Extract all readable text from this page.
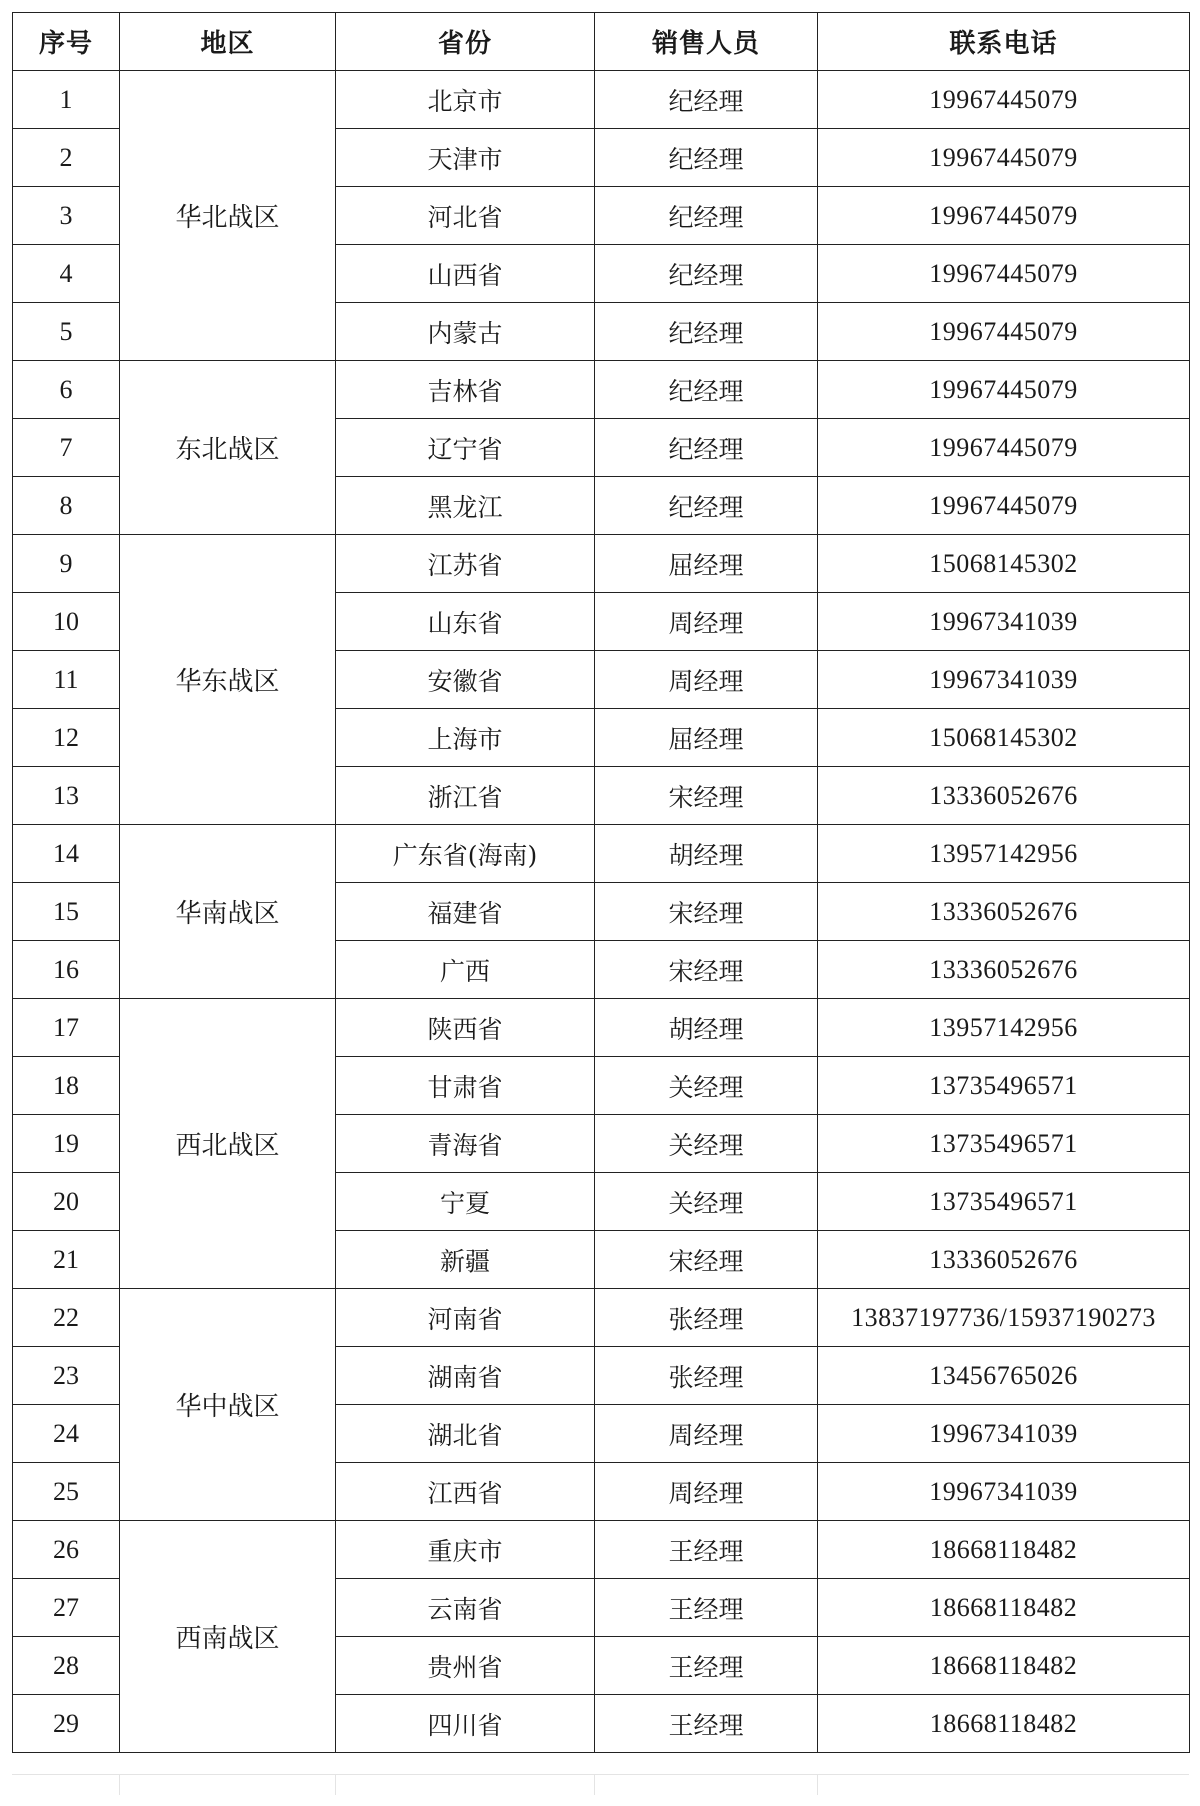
序号	地区	省份	销售人员	联系电话
1	华北战区	北京市	纪经理	19967445079
2		天津市	纪经理	19967445079
3		河北省	纪经理	19967445079
4		山西省	纪经理	19967445079
5		内蒙古	纪经理	19967445079
6	东北战区	吉林省	纪经理	19967445079
7		辽宁省	纪经理	19967445079
8		黑龙江	纪经理	19967445079
9	华东战区	江苏省	屈经理	15068145302
10		山东省	周经理	19967341039
11		安徽省	周经理	19967341039
12		上海市	屈经理	15068145302
13		浙江省	宋经理	13336052676
14	华南战区	广东省(海南)	胡经理	13957142956
15		福建省	宋经理	13336052676
16		广西	宋经理	13336052676
17	西北战区	陕西省	胡经理	13957142956
18		甘肃省	关经理	13735496571
19		青海省	关经理	13735496571
20		宁夏	关经理	13735496571
21		新疆	宋经理	13336052676
22	华中战区	河南省	张经理	13837197736/15937190273
23		湖南省	张经理	13456765026
24		湖北省	周经理	19967341039
25		江西省	周经理	19967341039
26	西南战区	重庆市	王经理	18668118482
27		云南省	王经理	18668118482
28		贵州省	王经理	18668118482
29		四川省	王经理	18668118482
